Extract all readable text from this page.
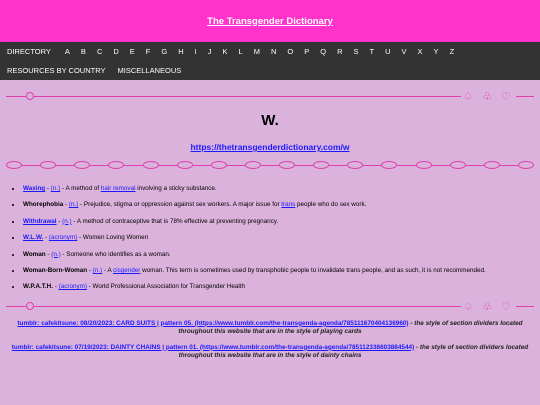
The Transgender Dictionary
DIRECTORY A B C D E F G H I J K L M N O P Q R S T U V X Y Z
RESOURCES BY COUNTRY MISCELLANEOUS
♤ ♧ ♡
W.
https://thetransgenderdictionary.com/w
• Waxing - (n.) - A method of hair removal involving a sticky substance.
• Whorephobia - (n.) - Prejudice, stigma or oppression against sex workers. A major issue for trans people who do sex work.
• Withdrawal - (n.) - A method of contraceptive that is 78% effective at preventing pregnancy.
• W.L.W. - (acronym) - Women Loving Women
• Woman - (n.) - Someone who identifies as a woman.
• Woman-Born-Woman - (n.) - A cisgender woman. This term is sometimes used by transphobic people to invalidate trans people, and as such, it is not recommended.
• W.P.A.T.H. - (acronym) - World Professional Association for Transgender Health
♤ ♧ ♡
tumblr: cafekitsune: 08/20/2023: CARD SUITS | pattern 05. (https://www.tumblr.com/the-transgenda-agenda/785111670404136960) - the style of section dividers located throughout this website that are in the style of playing cards
tumblr: cafekitsune: 07/19/2023: DAINTY CHAINS | pattern 01. (https://www.tumblr.com/the-transgenda-agenda/785112338603884544) - the style of section dividers located throughout this website that are in the style of dainty chains
